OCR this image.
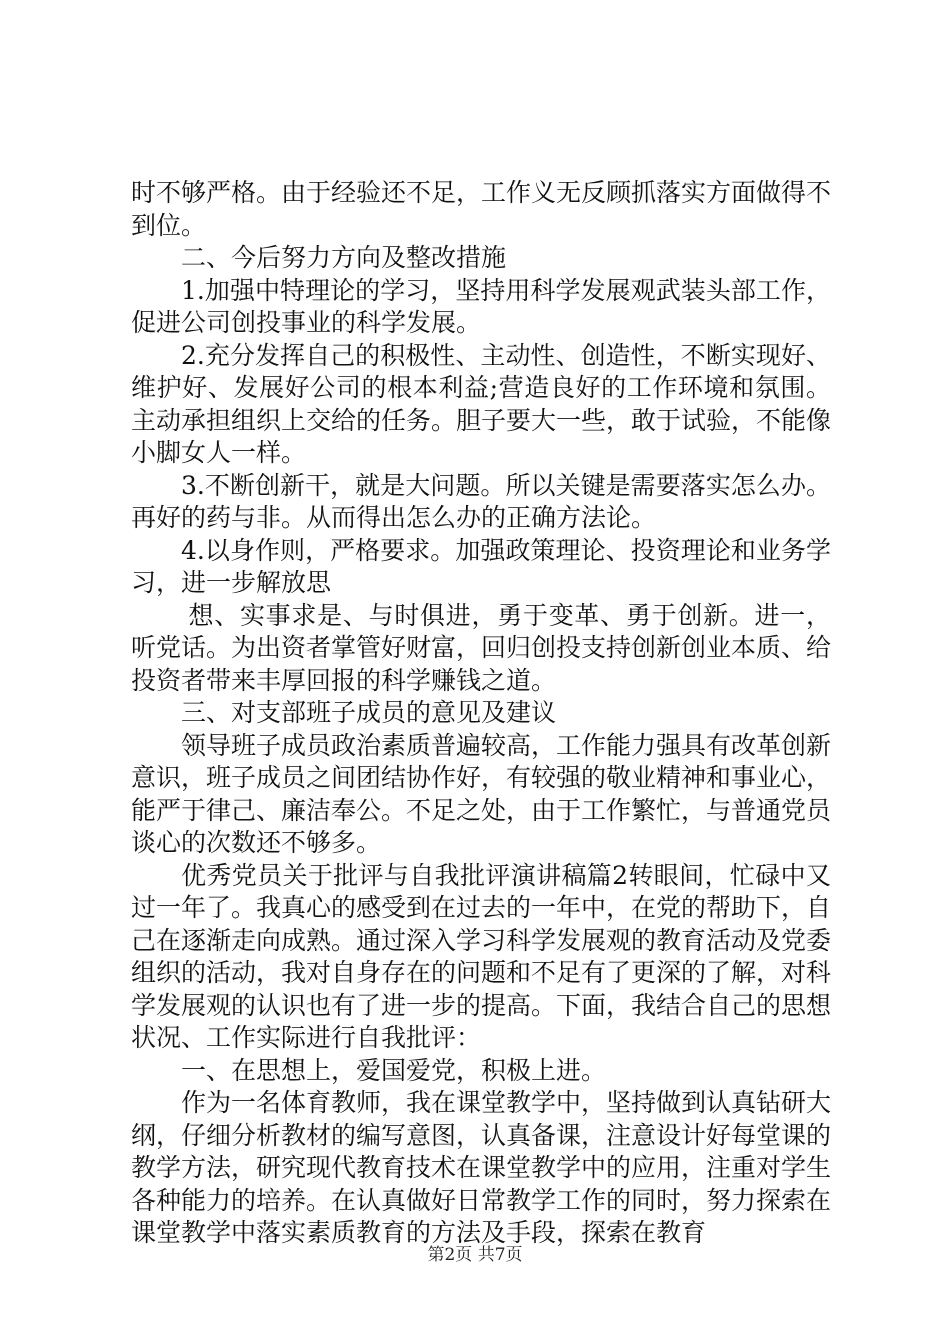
时不够严格。由于经验还不足，工作义无反顾抓落实方面做得不到位。

二、今后努力方向及整改措施

1.加强中特理论的学习，坚持用科学发展观武装头部工作，促进公司创投事业的科学发展。

2.充分发挥自己的积极性、主动性、创造性，不断实现好、维护好、发展好公司的根本利益;营造良好的工作环境和氛围。主动承担组织上交给的任务。胆子要大一些，敢于试验，不能像小脚女人一样。

3.不断创新干，就是大问题。所以关键是需要落实怎么办。再好的药与非。从而得出怎么办的正确方法论。

4.以身作则，严格要求。加强政策理论、投资理论和业务学习，进一步解放思

想、实事求是、与时俱进，勇于变革、勇于创新。进一，听党话。为出资者掌管好财富，回归创投支持创新创业本质、给投资者带来丰厚回报的科学赚钱之道。

三、对支部班子成员的意见及建议

领导班子成员政治素质普遍较高，工作能力强具有改革创新意识，班子成员之间团结协作好，有较强的敬业精神和事业心，能严于律己、廉洁奉公。不足之处，由于工作繁忙，与普通党员谈心的次数还不够多。

优秀党员关于批评与自我批评演讲稿篇2转眼间，忙碌中又过一年了。我真心的感受到在过去的一年中，在党的帮助下，自己在逐渐走向成熟。通过深入学习科学发展观的教育活动及党委组织的活动，我对自身存在的问题和不足有了更深的了解，对科学发展观的认识也有了进一步的提高。下面，我结合自己的思想状况、工作实际进行自我批评：

一、在思想上，爱国爱党，积极上进。

作为一名体育教师，我在课堂教学中，坚持做到认真钻研大纲，仔细分析教材的编写意图，认真备课，注意设计好每堂课的教学方法，研究现代教育技术在课堂教学中的应用，注重对学生各种能力的培养。在认真做好日常教学工作的同时，努力探索在课堂教学中落实素质教育的方法及手段，探索在教育

第2页 共7页
